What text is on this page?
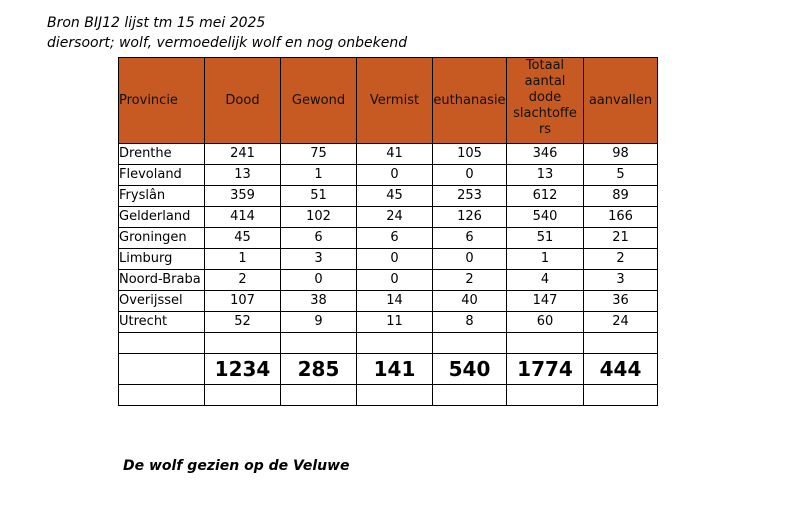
Bron BIJ12 lijst tm 15 mei 2025
diersoort; wolf, vermoedelijk wolf en nog onbekend
Provincie	Dood	Gewond	Vermist	euthanasie	Totaal
aantal
dode
slachtoffe
rs	aanvallen
Drenthe	241	75	41	105	346	98
Flevoland	13	1	0	0	13	5
Fryslân	359	51	45	253	612	89
Gelderland	414	102	24	126	540	166
Groningen	45	6	6	6	51	21
Limburg	1	3	0	0	1	2
Noord-Braba	2	0	0	2	4	3
Overijssel	107	38	14	40	147	36
Utrecht	52	9	11	8	60	24

	1234	285	141	540	1774	444

De wolf gezien op de Veluwe
